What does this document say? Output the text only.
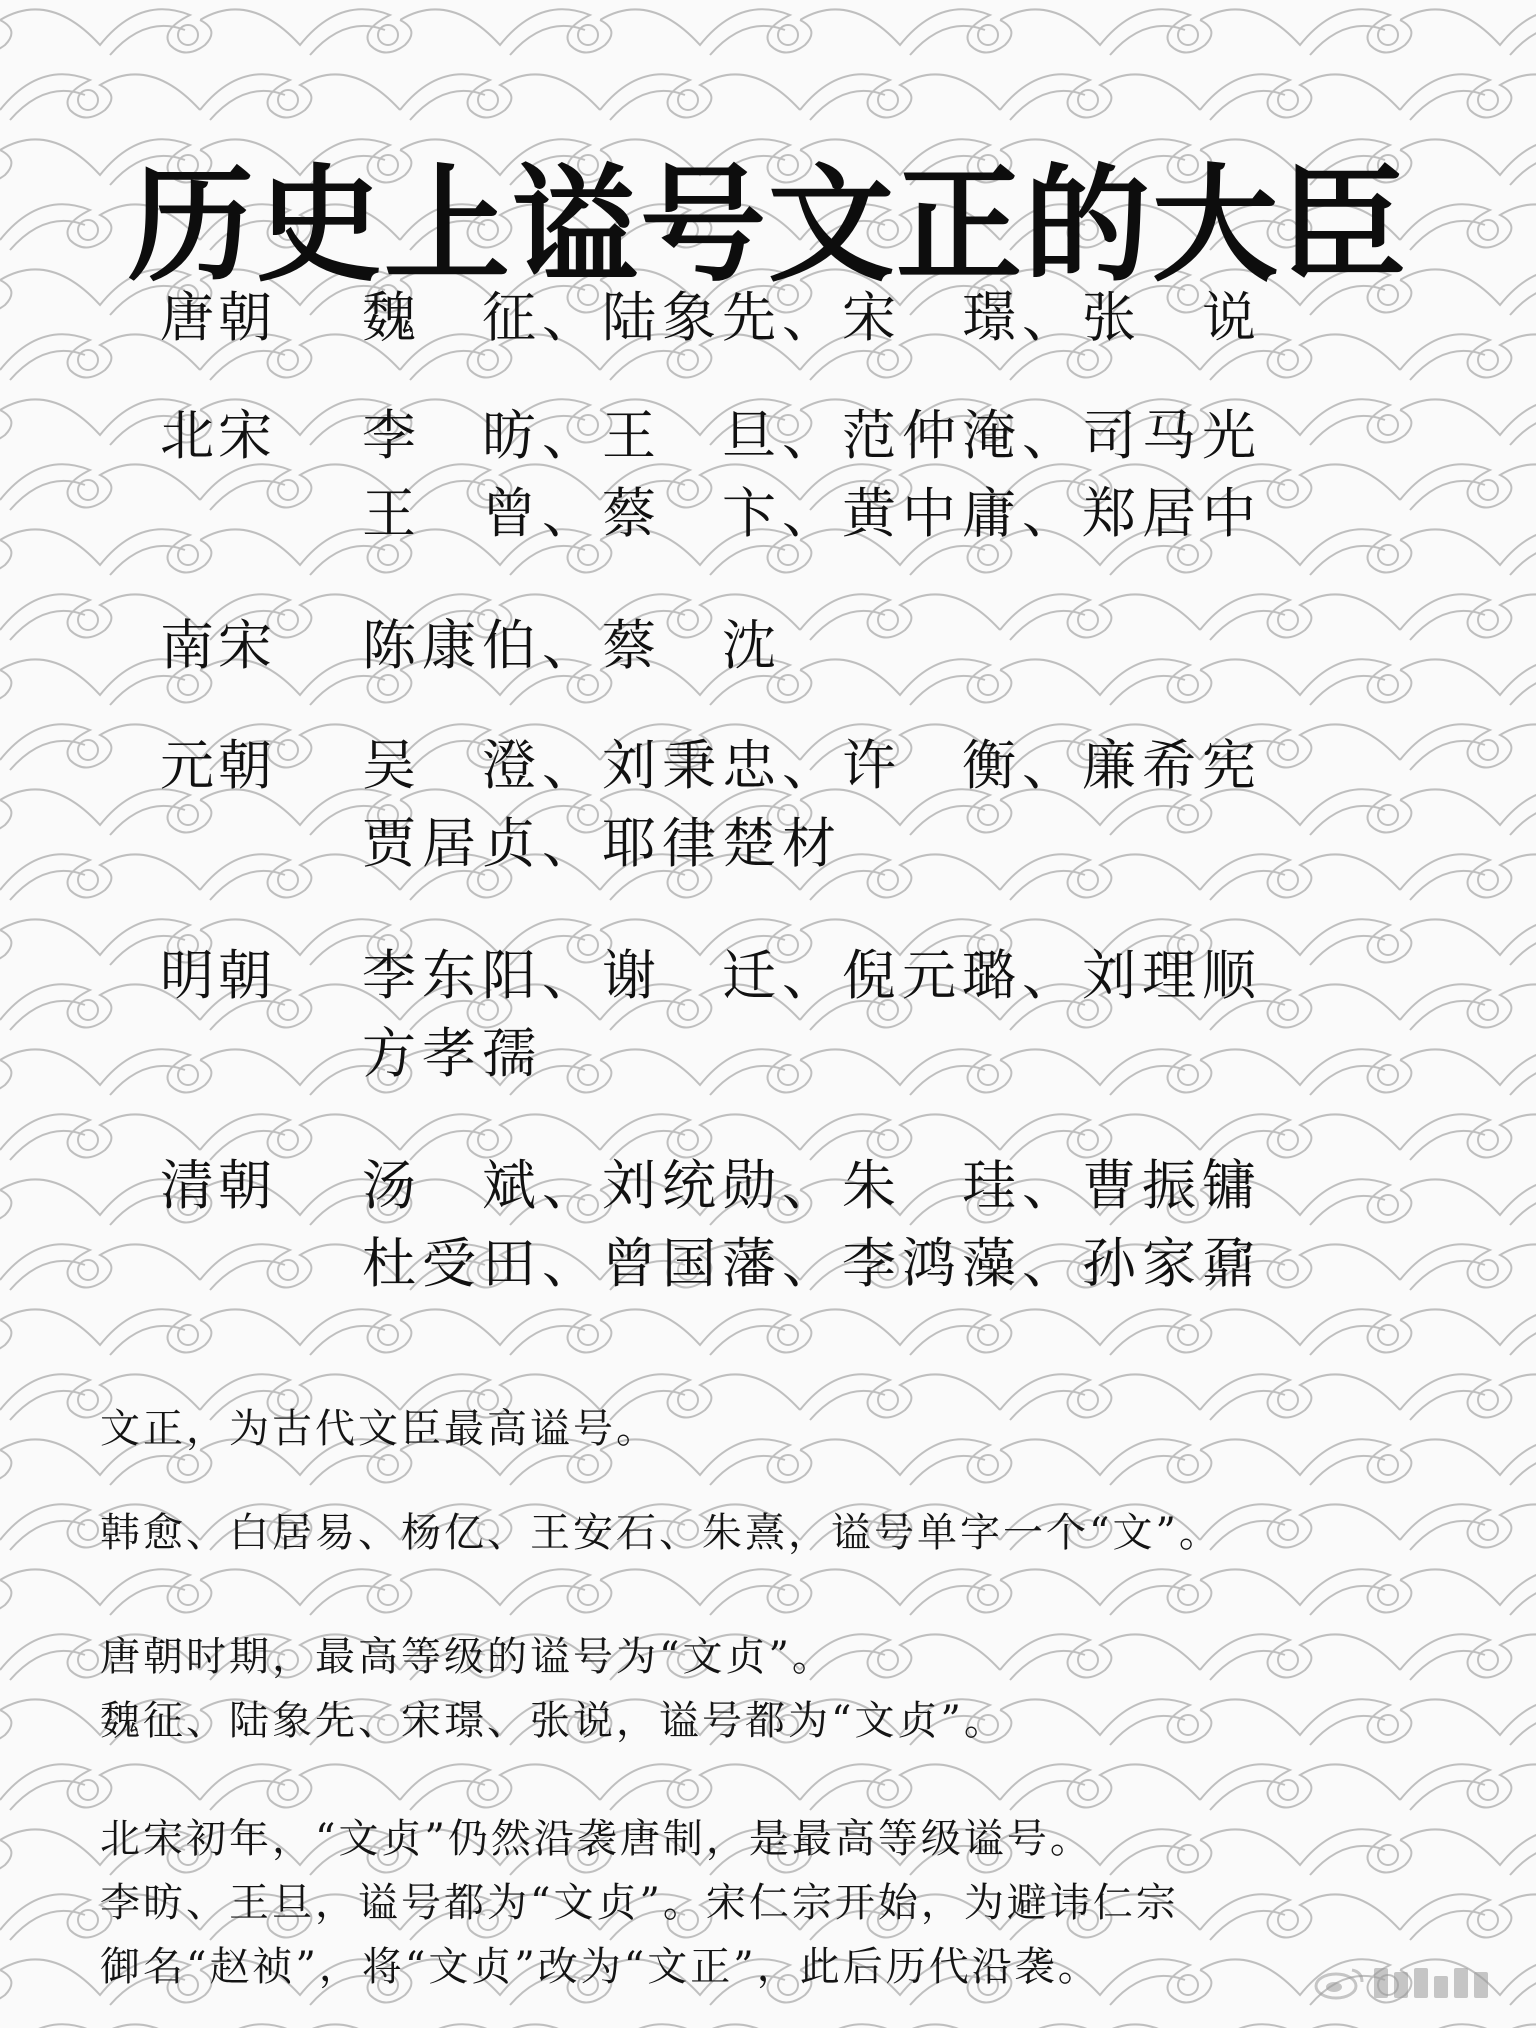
历史上谥号文正的大臣
唐朝 魏　征、陆象先、宋　璟、张　说
北宋 李　昉、王　旦、范仲淹、司马光
王　曾、蔡　卞、黄中庸、郑居中
南宋 陈康伯、蔡　沈
元朝 吴　澄、刘秉忠、许　衡、廉希宪
贾居贞、耶律楚材
明朝 李东阳、谢　迁、倪元璐、刘理顺
方孝孺
清朝 汤　斌、刘统勋、朱　珪、曹振镛
杜受田、曾国藩、李鸿藻、孙家鼐
文正，为古代文臣最高谥号。
韩愈、白居易、杨亿、王安石、朱熹，谥号单字一个“文”。
唐朝时期，最高等级的谥号为“文贞”。
魏征、陆象先、宋璟、张说，谥号都为“文贞”。
北宋初年，“文贞”仍然沿袭唐制，是最高等级谥号。
李昉、王旦，谥号都为“文贞”。宋仁宗开始，为避讳仁宗
御名“赵祯”，将“文贞”改为“文正”，此后历代沿袭。
